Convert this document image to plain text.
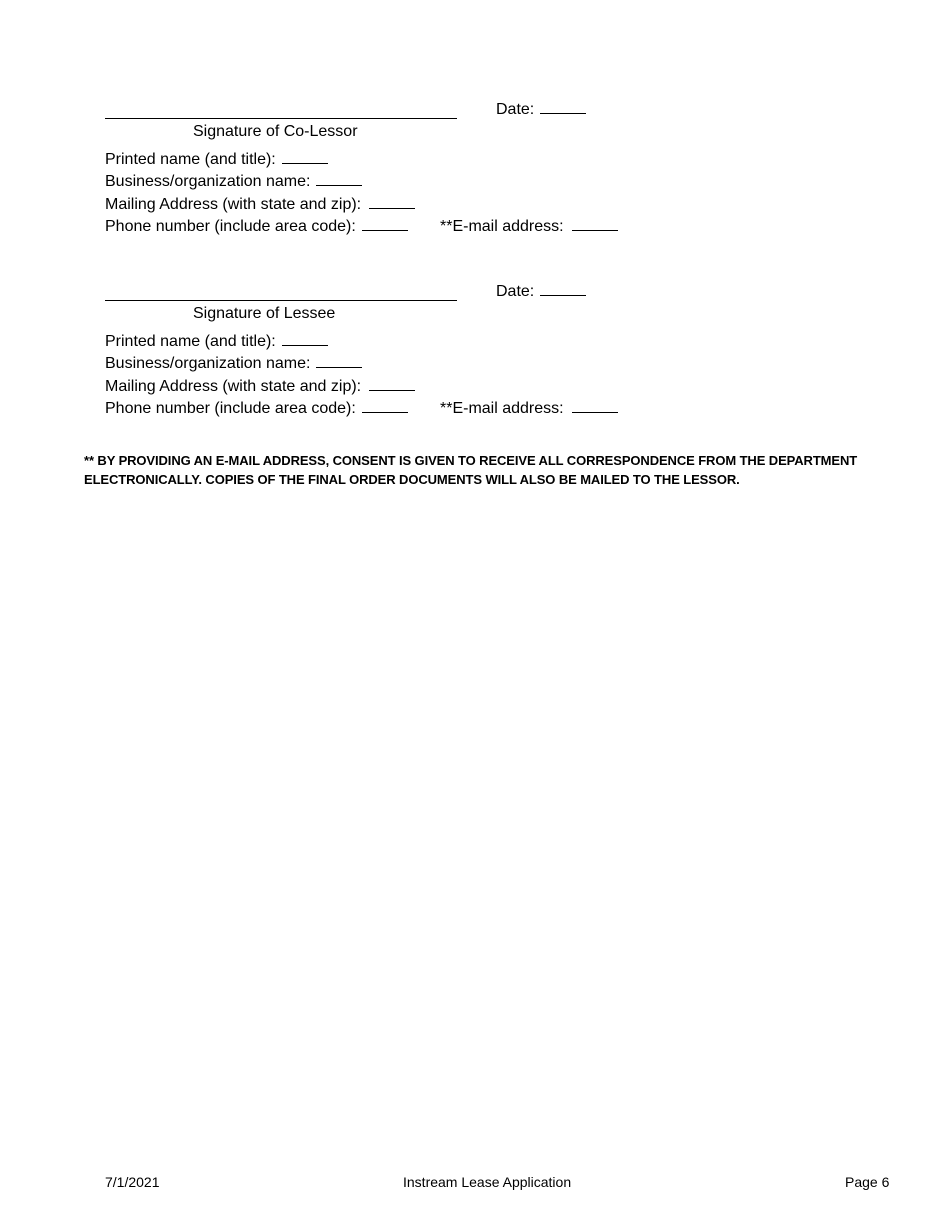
Date:
Signature of Co-Lessor
Printed name (and title):
Business/organization name:
Mailing Address (with state and zip):
Phone number (include area code):	**E-mail address:
Date:
Signature of Lessee
Printed name (and title):
Business/organization name:
Mailing Address (with state and zip):
Phone number (include area code):	**E-mail address:
** BY PROVIDING AN E-MAIL ADDRESS, CONSENT IS GIVEN TO RECEIVE ALL CORRESPONDENCE FROM THE DEPARTMENT
ELECTRONICALLY. COPIES OF THE FINAL ORDER DOCUMENTS WILL ALSO BE MAILED TO THE LESSOR.
7/1/2021	Instream Lease Application	Page 6
